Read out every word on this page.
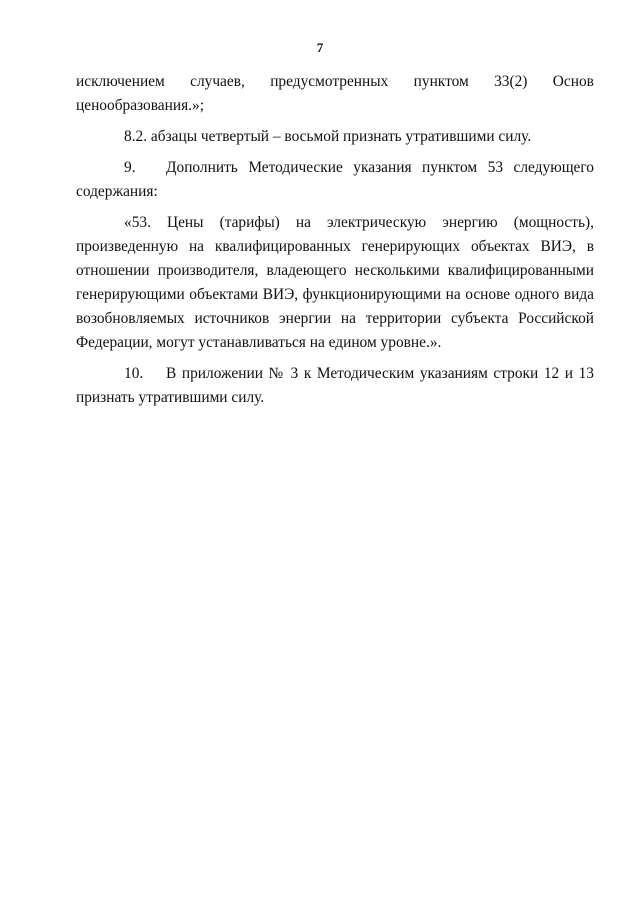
7
исключением случаев, предусмотренных пунктом 33(2) Основ
ценообразования.»;
8.2. абзацы четвертый – восьмой признать утратившими силу.
9.	Дополнить Методические указания пунктом 53 следующего
содержания:
«53. Цены (тарифы) на электрическую энергию (мощность),
произведенную на квалифицированных генерирующих объектах ВИЭ, в
отношении производителя, владеющего несколькими квалифицированными
генерирующими объектами ВИЭ, функционирующими на основе одного вида
возобновляемых источников энергии на территории субъекта Российской
Федерации, могут устанавливаться на едином уровне.».
10.	В приложении № 3 к Методическим указаниям строки 12 и 13
признать утратившими силу.
